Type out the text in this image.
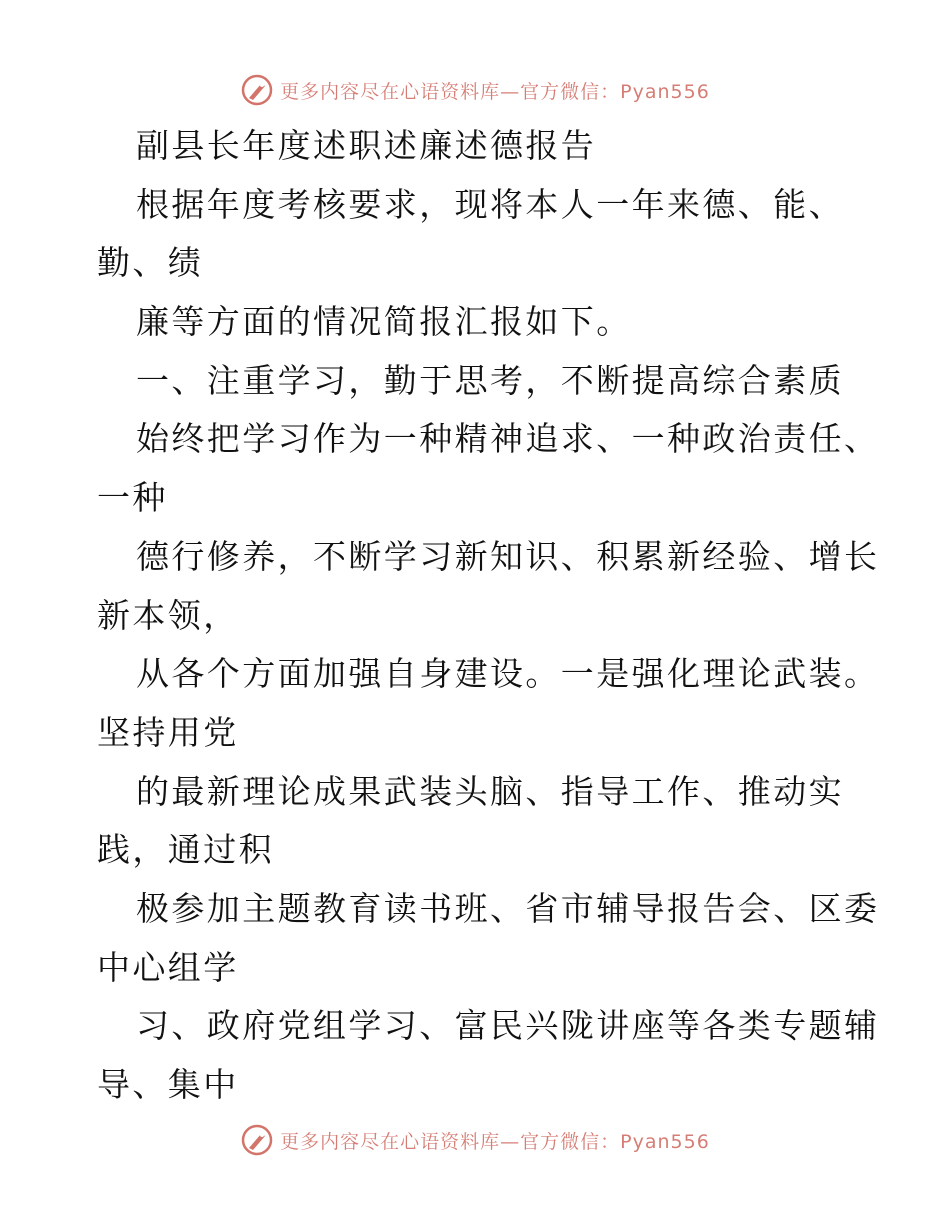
更多内容尽在心语资料库—官方微信：Pyan556
副县长年度述职述廉述德报告
根据年度考核要求，现将本人一年来德、能、
勤、绩
廉等方面的情况简报汇报如下。
一、注重学习，勤于思考，不断提高综合素质
始终把学习作为一种精神追求、一种政治责任、
一种
德行修养，不断学习新知识、积累新经验、增长
新本领，
从各个方面加强自身建设。一是强化理论武装。
坚持用党
的最新理论成果武装头脑、指导工作、推动实
践，通过积
极参加主题教育读书班、省市辅导报告会、区委
中心组学
习、政府党组学习、富民兴陇讲座等各类专题辅
导、集中
更多内容尽在心语资料库—官方微信：Pyan556
